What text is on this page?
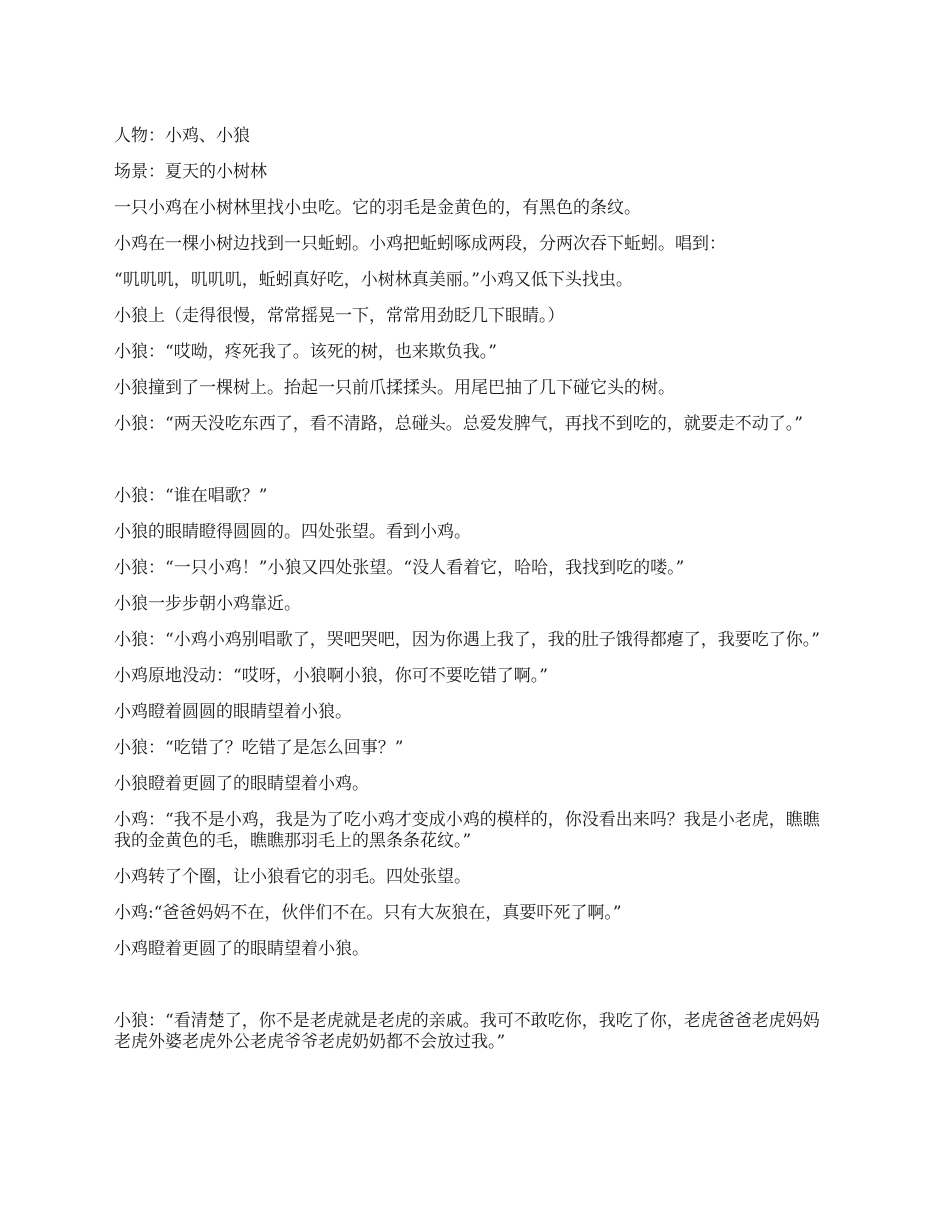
人物：小鸡、小狼

场景：夏天的小树林

一只小鸡在小树林里找小虫吃。它的羽毛是金黄色的，有黑色的条纹。

小鸡在一棵小树边找到一只蚯蚓。小鸡把蚯蚓啄成两段，分两次吞下蚯蚓。唱到：

“叽叽叽，叽叽叽，蚯蚓真好吃，小树林真美丽。”小鸡又低下头找虫。

小狼上（走得很慢，常常摇晃一下，常常用劲眨几下眼睛。）

小狼：“哎呦，疼死我了。该死的树，也来欺负我。”

小狼撞到了一棵树上。抬起一只前爪揉揉头。用尾巴抽了几下碰它头的树。

小狼：“两天没吃东西了，看不清路，总碰头。总爱发脾气，再找不到吃的，就要走不动了。”

小狼：“谁在唱歌？”

小狼的眼睛瞪得圆圆的。四处张望。看到小鸡。

小狼：“一只小鸡！”小狼又四处张望。“没人看着它，哈哈，我找到吃的喽。”

小狼一步步朝小鸡靠近。

小狼：“小鸡小鸡别唱歌了，哭吧哭吧，因为你遇上我了，我的肚子饿得都瘪了，我要吃了你。”

小鸡原地没动：“哎呀，小狼啊小狼，你可不要吃错了啊。”

小鸡瞪着圆圆的眼睛望着小狼。

小狼：“吃错了？吃错了是怎么回事？”

小狼瞪着更圆了的眼睛望着小鸡。

小鸡：“我不是小鸡，我是为了吃小鸡才变成小鸡的模样的，你没看出来吗？我是小老虎，瞧瞧我的金黄色的毛，瞧瞧那羽毛上的黑条条花纹。”

小鸡转了个圈，让小狼看它的羽毛。四处张望。

小鸡:“爸爸妈妈不在，伙伴们不在。只有大灰狼在，真要吓死了啊。”

小鸡瞪着更圆了的眼睛望着小狼。

小狼：“看清楚了，你不是老虎就是老虎的亲戚。我可不敢吃你，我吃了你，老虎爸爸老虎妈妈老虎外婆老虎外公老虎爷爷老虎奶奶都不会放过我。”
